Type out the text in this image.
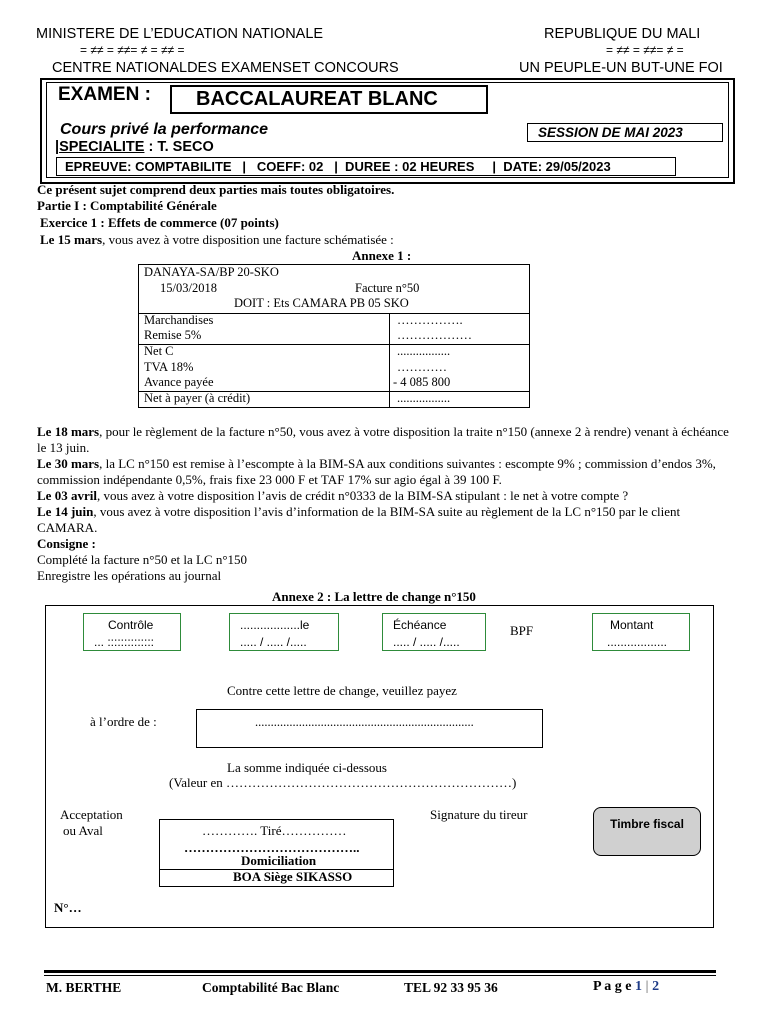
MINISTERE DE L’EDUCATION NATIONALE
= ≠≠ = ≠≠= ≠ = ≠≠ =
CENTRE NATIONALDES EXAMENSET CONCOURS
REPUBLIQUE DU MALI
= ≠≠ = ≠≠= ≠ =
UN PEUPLE-UN BUT-UNE FOI
EXAMEN :	BACCALAUREAT BLANC
Cours privé la performance	SESSION DE MAI 2023
|SPECIALITE : T. SECO
EPREUVE: COMPTABILITE   |   COEFF: 02   |  DUREE : 02 HEURES     |  DATE: 29/05/2023
Ce présent sujet comprend deux parties mais toutes obligatoires.
Partie I : Comptabilité Générale
Exercice 1 : Effets de commerce (07 points)
Le 15 mars, vous avez à votre disposition une facture schématisée :
Annexe 1 :
DANAYA-SA/BP 20-SKO
15/03/2018	Facture n°50
DOIT : Ets CAMARA PB 05 SKO
Marchandises	…………….
Remise 5%	………………
Net C	.................
TVA 18%	…………
Avance payée	- 4 085 800
Net à payer (à crédit)	.................
Le 18 mars, pour le règlement de la facture n°50, vous avez à votre disposition la traite n°150 (annexe 2 à rendre) venant à échéance le 13 juin.
Le 30 mars, la LC n°150 est remise à l’escompte à la BIM-SA aux conditions suivantes : escompte 9% ; commission d’endos 3%, commission indépendante 0,5%, frais fixe 23 000 F et TAF 17% sur agio égal à 39 100 F.
Le 03 avril, vous avez à votre disposition l’avis de crédit n°0333 de la BIM-SA stipulant : le net à votre compte ?
Le 14 juin, vous avez à votre disposition l’avis d’information de la BIM-SA suite au règlement de la LC n°150 par le client CAMARA.
Consigne :
Complété la facture n°50 et la LC n°150
Enregistre les opérations au journal
Annexe 2 : La lettre de change n°150
Contrôle
... ::::::::::::::
..................le
..... / ..... /.....
Échéance
..... / ..... /.....
BPF	Montant
..................
Contre cette lettre de change, veuillez payez
à l’ordre de :	......................................................................
La somme indiquée ci-dessous
(Valeur en …………………………………………………………)
Acceptation
ou Aval
Signature du tireur
…………. Tiré……………
…………………………………..
Domiciliation
BOA Siège SIKASSO
Timbre fiscal
N°…
M. BERTHE	Comptabilité Bac Blanc	TEL 92 33 95 36	P a g e 1 | 2
